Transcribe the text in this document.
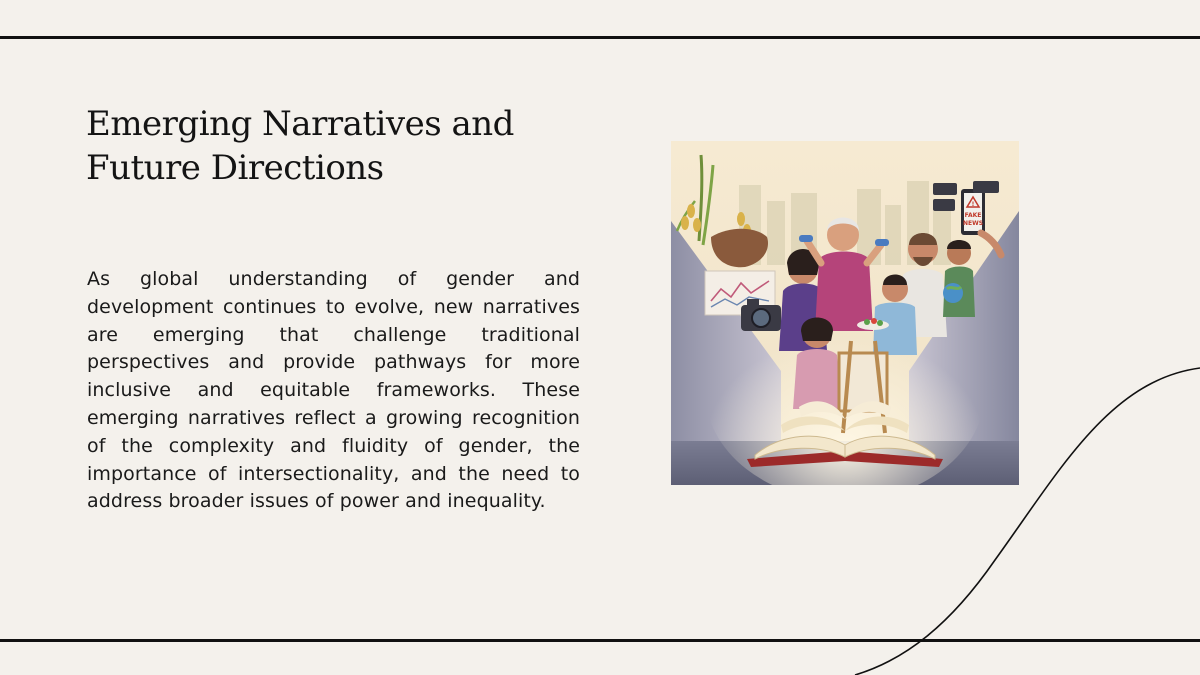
Emerging Narratives and
Future Directions

As global understanding of gender and development continues to evolve, new narratives are emerging that challenge traditional perspectives and provide pathways for more inclusive and equitable frameworks. These emerging narratives reflect a growing recognition of the complexity and fluidity of gender, the importance of intersectionality, and the need to address broader issues of power and inequality.

!
FAKE
NEWS
